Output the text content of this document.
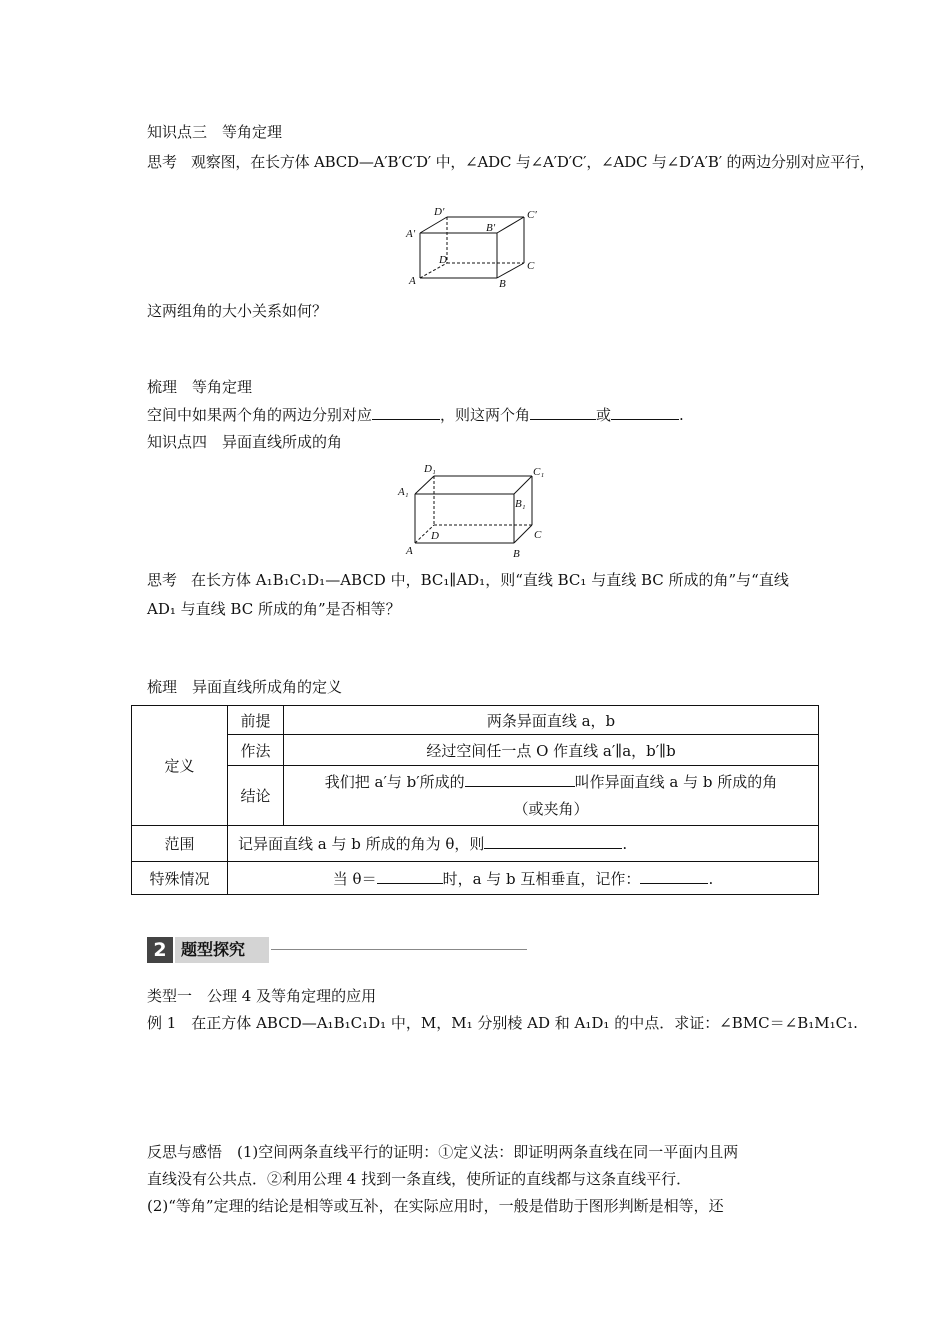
知识点三　等角定理
思考 观察图，在长方体 ABCD—A′B′C′D′ 中，∠ADC 与∠A′D′C′，∠ADC 与∠D′A′B′ 的两边分别对应平行，
A	B
C
D
A′	B′
C′
D′
这两组角的大小关系如何？
梳理　等角定理
空间中如果两个角的两边分别对应	，则这两个角	或	.
知识点四　异面直线所成的角
A	B
C
D
A₁
B₁
C₁
D₁
思考 在长方体 A₁B₁C₁D₁—ABCD 中，BC₁∥AD₁，则“直线 BC₁ 与直线 BC 所成的角”与“直线
AD₁ 与直线 BC 所成的角”是否相等？
梳理　异面直线所成角的定义
定义	前提	两条异面直线 a，b
	作法	经过空间任一点 O 作直线 a′∥a，b′∥b
	结论	我们把 a′与 b′所成的 叫作异面直线 a 与 b 所成的角
（或夹角）
范围	记异面直线 a 与 b 所成的角为 θ，则 .	
特殊情况	当 θ＝ 时，a 与 b 互相垂直，记作： .	
2 题型探究
类型一　公理 4 及等角定理的应用
例 1　在正方体 ABCD—A₁B₁C₁D₁ 中，M，M₁ 分别棱 AD 和 A₁D₁ 的中点．求证：∠BMC＝∠B₁M₁C₁.
反思与感悟　(1)空间两条直线平行的证明：①定义法：即证明两条直线在同一平面内且两
直线没有公共点．②利用公理 4 找到一条直线，使所证的直线都与这条直线平行．
(2)“等角”定理的结论是相等或互补，在实际应用时，一般是借助于图形判断是相等，还
